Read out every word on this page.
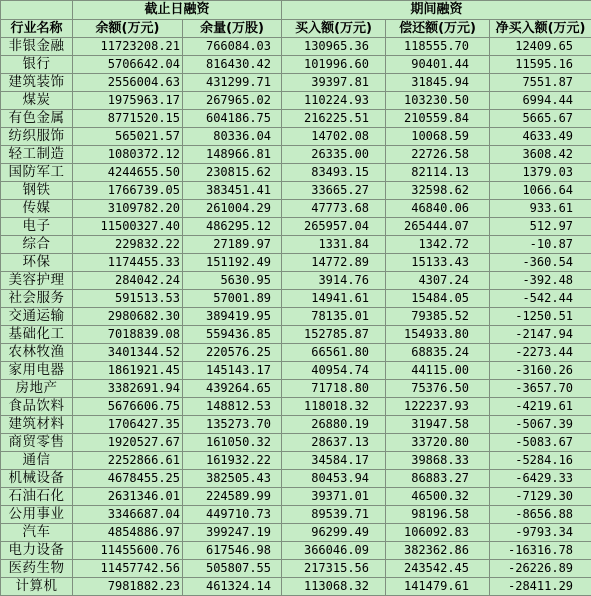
	截止日融资		期间融资		
行业名称	余额(万元)	余量(万股)	买入额(万元)	偿还额(万元)	净买入额(万元)
非银金融	11723208.21	766084.03	130965.36	118555.70	12409.65
银行	5706642.04	816430.42	101996.60	90401.44	11595.16
建筑装饰	2556004.63	431299.71	39397.81	31845.94	7551.87
煤炭	1975963.17	267965.02	110224.93	103230.50	6994.44
有色金属	8771520.15	604186.75	216225.51	210559.84	5665.67
纺织服饰	565021.57	80336.04	14702.08	10068.59	4633.49
轻工制造	1080372.12	148966.81	26335.00	22726.58	3608.42
国防军工	4244655.50	230815.62	83493.15	82114.13	1379.03
钢铁	1766739.05	383451.41	33665.27	32598.62	1066.64
传媒	3109782.20	261004.29	47773.68	46840.06	933.61
电子	11500327.40	486295.12	265957.04	265444.07	512.97
综合	229832.22	27189.97	1331.84	1342.72	-10.87
环保	1174455.33	151192.49	14772.89	15133.43	-360.54
美容护理	284042.24	5630.95	3914.76	4307.24	-392.48
社会服务	591513.53	57001.89	14941.61	15484.05	-542.44
交通运输	2980682.30	389419.95	78135.01	79385.52	-1250.51
基础化工	7018839.08	559436.85	152785.87	154933.80	-2147.94
农林牧渔	3401344.52	220576.25	66561.80	68835.24	-2273.44
家用电器	1861921.45	145143.17	40954.74	44115.00	-3160.26
房地产	3382691.94	439264.65	71718.80	75376.50	-3657.70
食品饮料	5676606.75	148812.53	118018.32	122237.93	-4219.61
建筑材料	1706427.35	135273.70	26880.19	31947.58	-5067.39
商贸零售	1920527.67	161050.32	28637.13	33720.80	-5083.67
通信	2252866.61	161932.22	34584.17	39868.33	-5284.16
机械设备	4678455.25	382505.43	80453.94	86883.27	-6429.33
石油石化	2631346.01	224589.99	39371.01	46500.32	-7129.30
公用事业	3346687.04	449710.73	89539.71	98196.58	-8656.88
汽车	4854886.97	399247.19	96299.49	106092.83	-9793.34
电力设备	11455600.76	617546.98	366046.09	382362.86	-16316.78
医药生物	11457742.56	505807.55	217315.56	243542.45	-26226.89
计算机	7981882.23	461324.14	113068.32	141479.61	-28411.29
